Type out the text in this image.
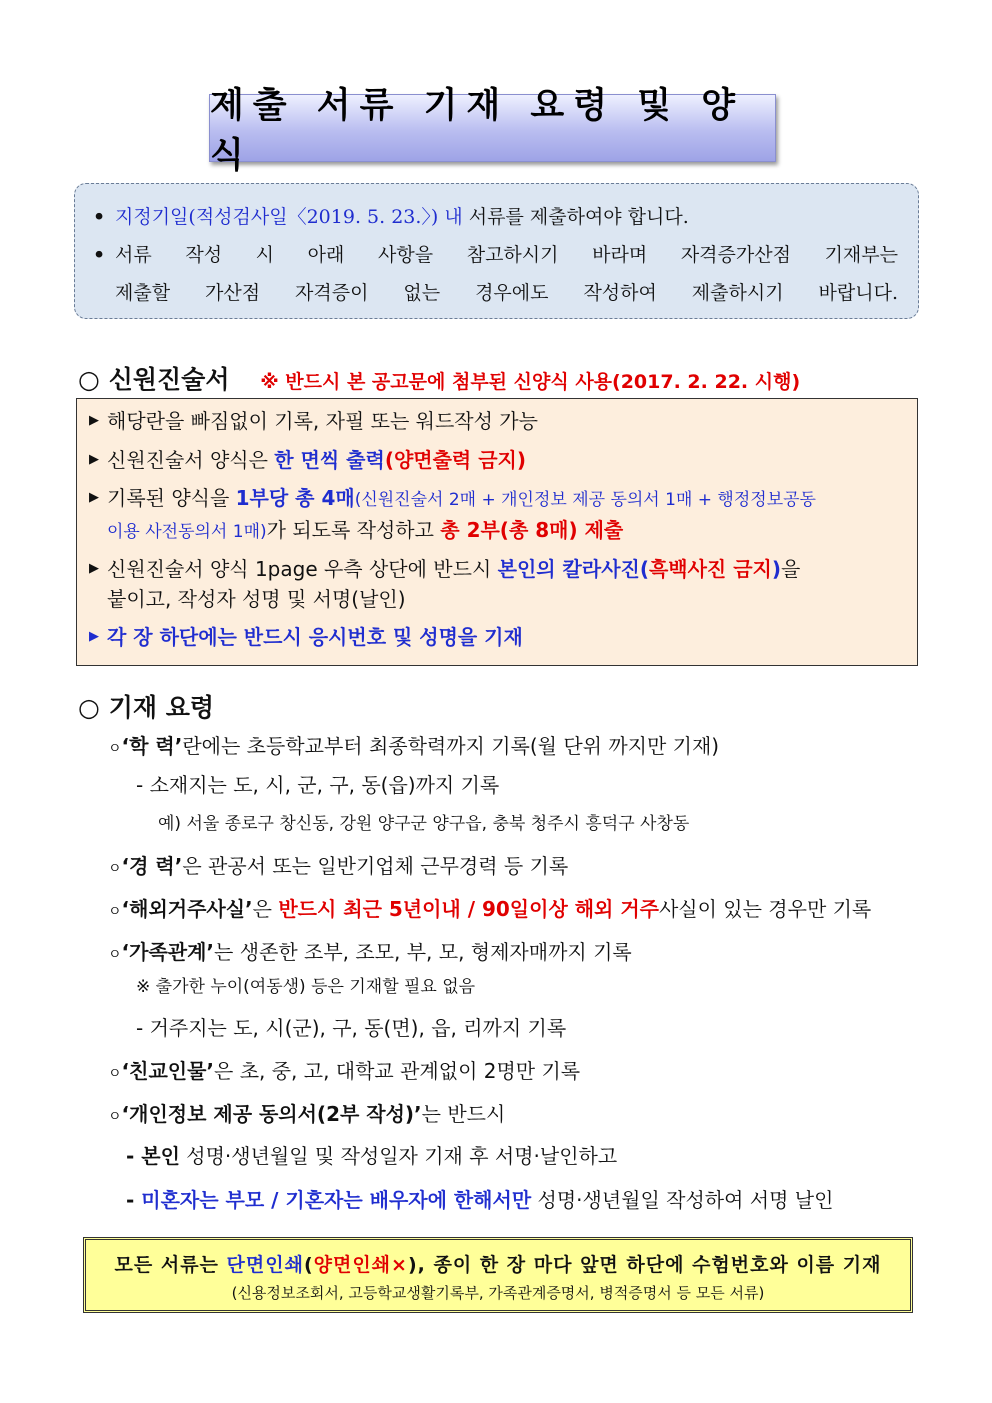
제출 서류 기재 요령 및 양식
• 지정기일(적성검사일〈2019. 5. 23.〉) 내 서류를 제출하여야 합니다.
• 서류 작성 시 아래 사항을 참고하시기 바라며 자격증가산점 기재부는
제출할 가산점 자격증이 없는 경우에도 작성하여 제출하시기 바랍니다.
○ 신원진술서 ※ 반드시 본 공고문에 첨부된 신양식 사용(2017. 2. 22. 시행)
▶ 해당란을 빠짐없이 기록, 자필 또는 워드작성 가능
▶ 신원진술서 양식은 한 면씩 출력(양면출력 금지)
▶ 기록된 양식을 1부당 총 4매(신원진술서 2매 + 개인정보 제공 동의서 1매 + 행정정보공동
이용 사전동의서 1매)가 되도록 작성하고 총 2부(총 8매) 제출
▶ 신원진술서 양식 1page 우측 상단에 반드시 본인의 칼라사진(흑백사진 금지)을
붙이고, 작성자 성명 및 서명(날인)
▶ 각 장 하단에는 반드시 응시번호 및 성명을 기재
○ 기재 요령
ㅇ‘학 력’란에는 초등학교부터 최종학력까지 기록(월 단위 까지만 기재)
- 소재지는 도, 시, 군, 구, 동(읍)까지 기록
예) 서울 종로구 창신동, 강원 양구군 양구읍, 충북 청주시 흥덕구 사창동
ㅇ‘경 력’은 관공서 또는 일반기업체 근무경력 등 기록
ㅇ‘해외거주사실’은 반드시 최근 5년이내 / 90일이상 해외 거주사실이 있는 경우만 기록
ㅇ‘가족관계’는 생존한 조부, 조모, 부, 모, 형제자매까지 기록
※ 출가한 누이(여동생) 등은 기재할 필요 없음
- 거주지는 도, 시(군), 구, 동(면), 읍, 리까지 기록
ㅇ‘친교인물’은 초, 중, 고, 대학교 관계없이 2명만 기록
ㅇ‘개인정보 제공 동의서(2부 작성)’는 반드시
- 본인 성명·생년월일 및 작성일자 기재 후 서명·날인하고
- 미혼자는 부모 / 기혼자는 배우자에 한해서만 성명·생년월일 작성하여 서명 날인
모든 서류는 단면인쇄(양면인쇄×), 종이 한 장 마다 앞면 하단에 수험번호와 이름 기재
(신용정보조회서, 고등학교생활기록부, 가족관계증명서, 병적증명서 등 모든 서류)
